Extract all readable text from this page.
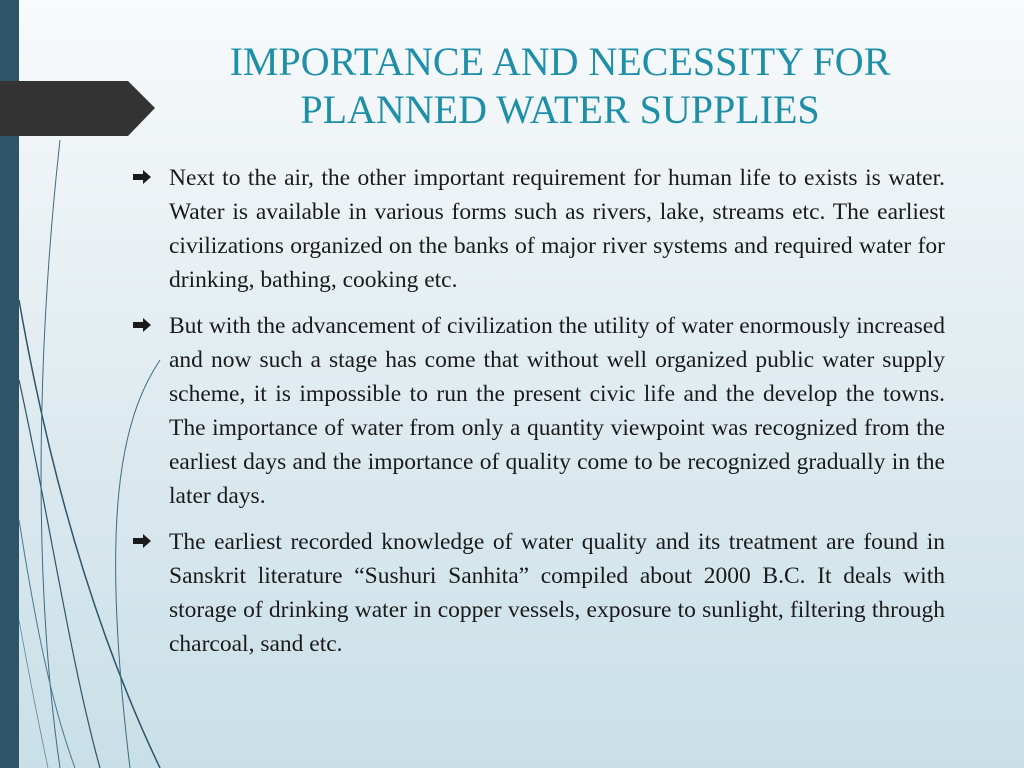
IMPORTANCE AND NECESSITY FOR PLANNED WATER SUPPLIES
Next to the air, the other important requirement for human life to exists is water. Water is available in various forms such as rivers, lake, streams etc. The earliest civilizations organized on the banks of major river systems and required water for drinking, bathing, cooking etc.
But with the advancement of civilization the utility of water enormously increased and now such a stage has come that without well organized public water supply scheme, it is impossible to run the present civic life and the develop the towns. The importance of water from only a quantity viewpoint was recognized from the earliest days and the importance of quality come to be recognized gradually in the later days.
The earliest recorded knowledge of water quality and its treatment are found in Sanskrit literature “Sushuri Sanhita” compiled about 2000 B.C. It deals with storage of drinking water in copper vessels, exposure to sunlight, filtering through charcoal, sand etc.
